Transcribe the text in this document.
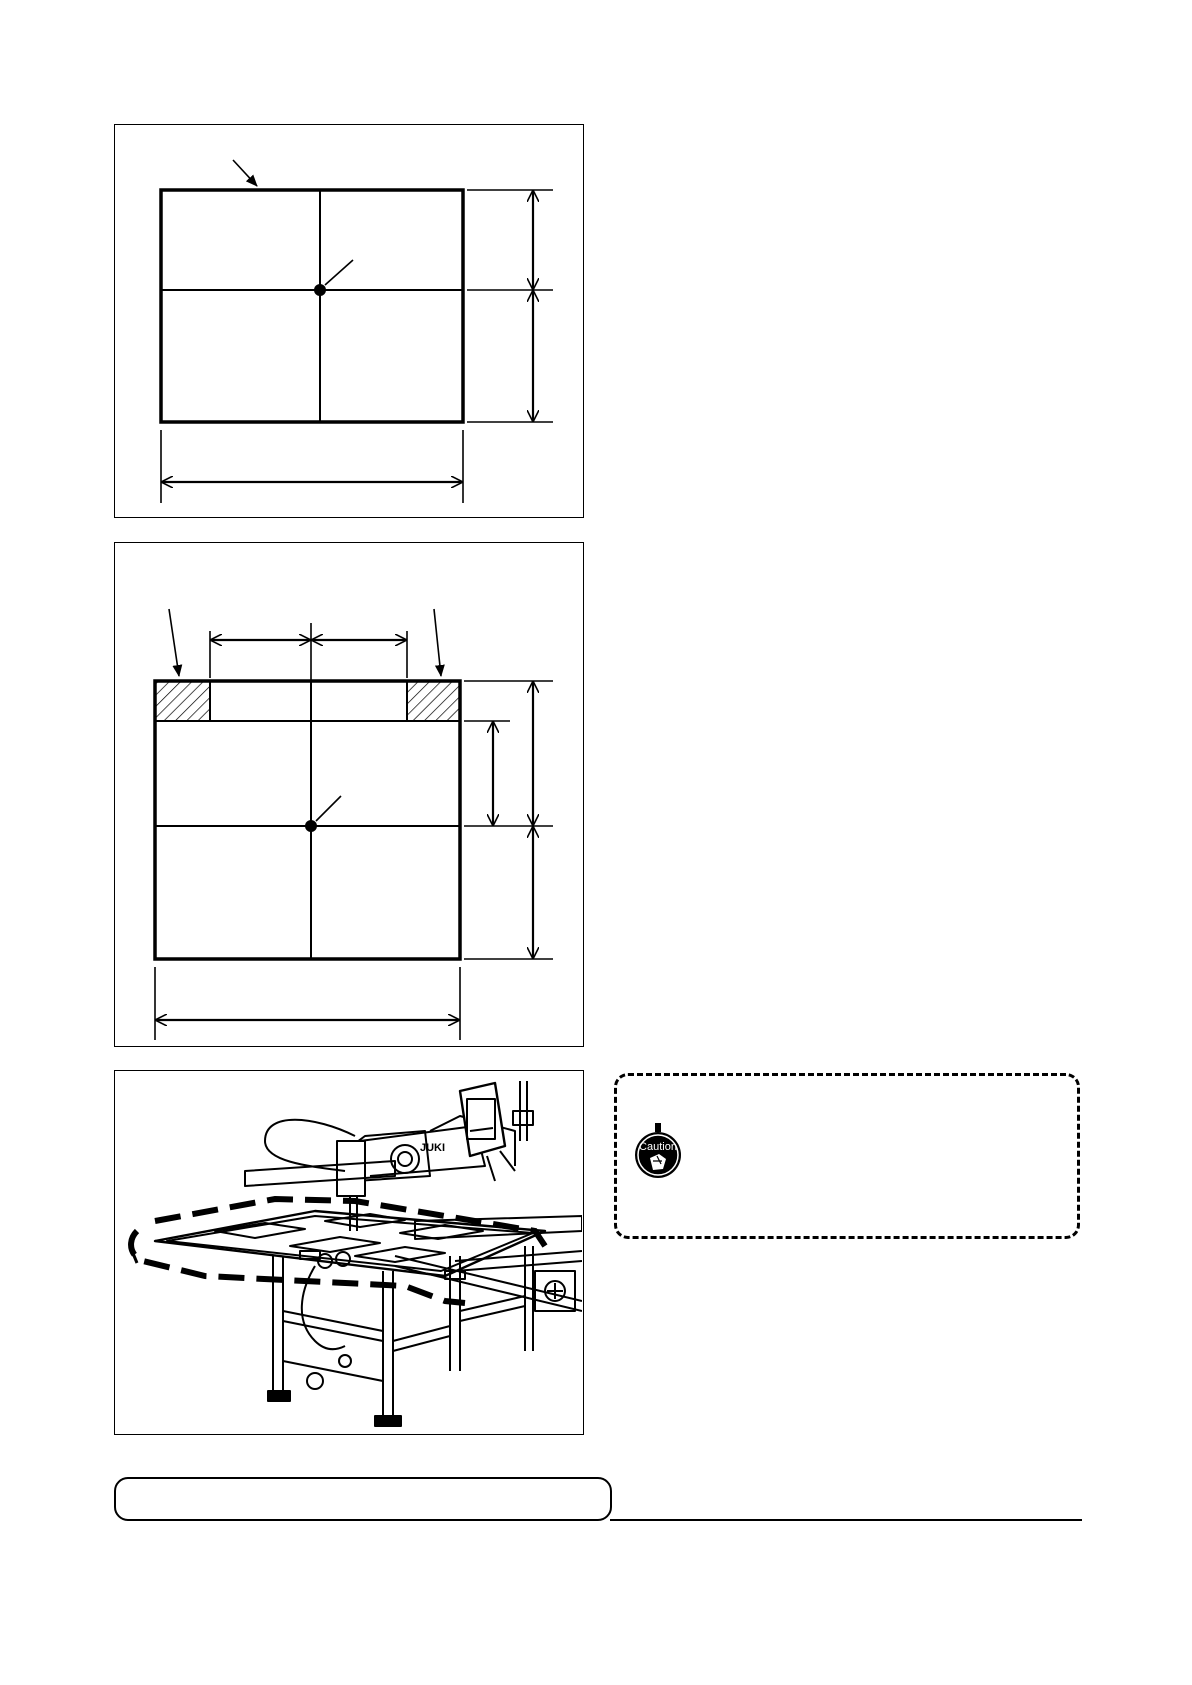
JUKI	Caution
